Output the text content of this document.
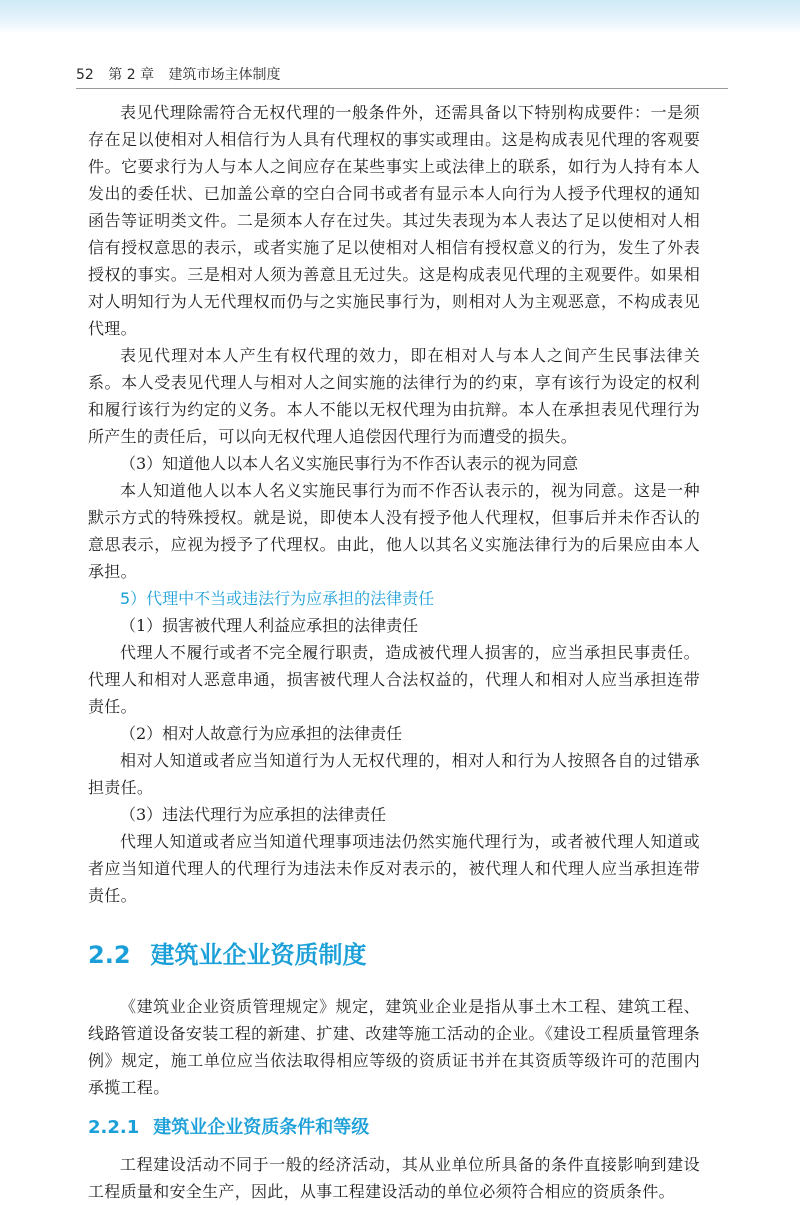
52 第 2 章 建筑市场主体制度

表见代理除需符合无权代理的一般条件外，还需具备以下特别构成要件：一是须存在足以使相对人相信行为人具有代理权的事实或理由。这是构成表见代理的客观要件。它要求行为人与本人之间应存在某些事实上或法律上的联系，如行为人持有本人发出的委任状、已加盖公章的空白合同书或者有显示本人向行为人授予代理权的通知函告等证明类文件。二是须本人存在过失。其过失表现为本人表达了足以使相对人相信有授权意思的表示，或者实施了足以使相对人相信有授权意义的行为，发生了外表授权的事实。三是相对人须为善意且无过失。这是构成表见代理的主观要件。如果相对人明知行为人无代理权而仍与之实施民事行为，则相对人为主观恶意，不构成表见代理。

表见代理对本人产生有权代理的效力，即在相对人与本人之间产生民事法律关系。本人受表见代理人与相对人之间实施的法律行为的约束，享有该行为设定的权利和履行该行为约定的义务。本人不能以无权代理为由抗辩。本人在承担表见代理行为所产生的责任后，可以向无权代理人追偿因代理行为而遭受的损失。

（3）知道他人以本人名义实施民事行为不作否认表示的视为同意

本人知道他人以本人名义实施民事行为而不作否认表示的，视为同意。这是一种默示方式的特殊授权。就是说，即使本人没有授予他人代理权，但事后并未作否认的意思表示，应视为授予了代理权。由此，他人以其名义实施法律行为的后果应由本人承担。

5）代理中不当或违法行为应承担的法律责任
（1）损害被代理人利益应承担的法律责任

代理人不履行或者不完全履行职责，造成被代理人损害的，应当承担民事责任。代理人和相对人恶意串通，损害被代理人合法权益的，代理人和相对人应当承担连带责任。

（2）相对人故意行为应承担的法律责任

相对人知道或者应当知道行为人无权代理的，相对人和行为人按照各自的过错承担责任。

（3）违法代理行为应承担的法律责任

代理人知道或者应当知道代理事项违法仍然实施代理行为，或者被代理人知道或者应当知道代理人的代理行为违法未作反对表示的，被代理人和代理人应当承担连带责任。

2.2 建筑业企业资质制度

《建筑业企业资质管理规定》规定，建筑业企业是指从事土木工程、建筑工程、线路管道设备安装工程的新建、扩建、改建等施工活动的企业。《建设工程质量管理条例》规定，施工单位应当依法取得相应等级的资质证书并在其资质等级许可的范围内承揽工程。

2.2.1 建筑业企业资质条件和等级

工程建设活动不同于一般的经济活动，其从业单位所具备的条件直接影响到建设工程质量和安全生产，因此，从事工程建设活动的单位必须符合相应的资质条件。
